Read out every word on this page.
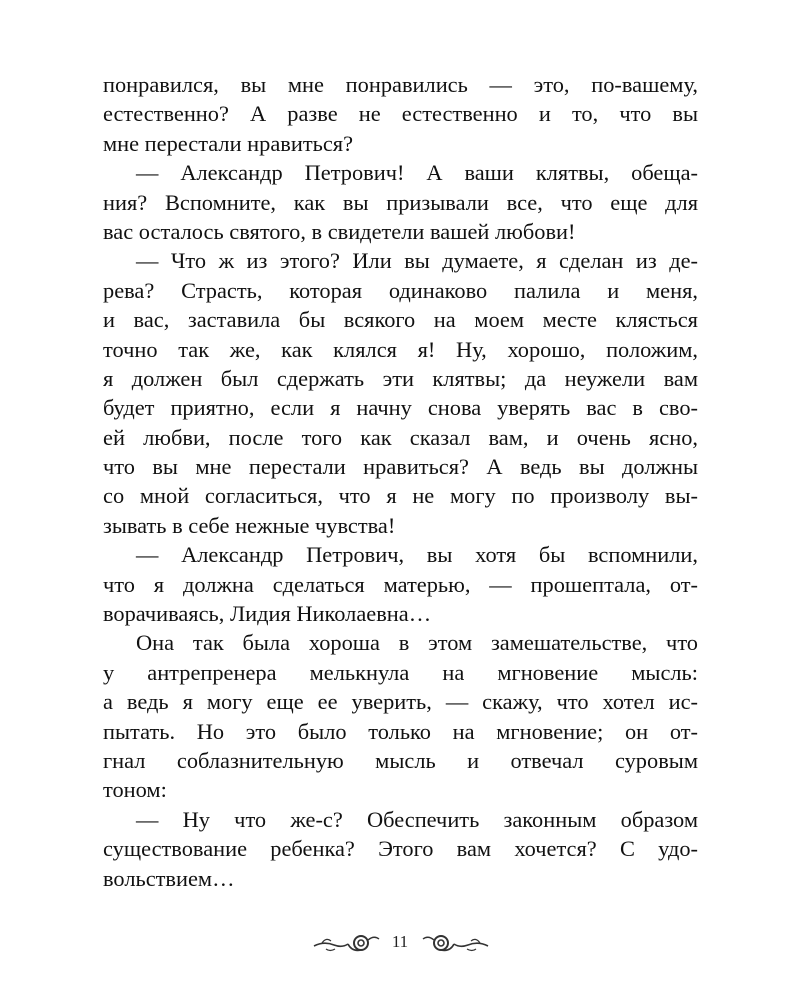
понравился, вы мне понравились — это, по-вашему,
естественно? А разве не естественно и то, что вы
мне перестали нравиться?
— Александр Петрович! А ваши клятвы, обеща-
ния? Вспомните, как вы призывали все, что еще для
вас осталось святого, в свидетели вашей любови!
— Что ж из этого? Или вы думаете, я сделан из де-
рева? Страсть, которая одинаково палила и меня,
и вас, заставила бы всякого на моем месте клясться
точно так же, как клялся я! Ну, хорошо, положим,
я должен был сдержать эти клятвы; да неужели вам
будет приятно, если я начну снова уверять вас в сво-
ей любви, после того как сказал вам, и очень ясно,
что вы мне перестали нравиться? А ведь вы должны
со мной согласиться, что я не могу по произволу вы-
зывать в себе нежные чувства!
— Александр Петрович, вы хотя бы вспомнили,
что я должна сделаться матерью, — прошептала, от-
ворачиваясь, Лидия Николаевна…
Она так была хороша в этом замешательстве, что
у антрепренера мелькнула на мгновение мысль:
а ведь я могу еще ее уверить, — скажу, что хотел ис-
пытать. Но это было только на мгновение; он от-
гнал соблазнительную мысль и отвечал суровым
тоном:
— Ну что же-с? Обеспечить законным образом
существование ребенка? Этого вам хочется? С удо-
вольствием…
11
